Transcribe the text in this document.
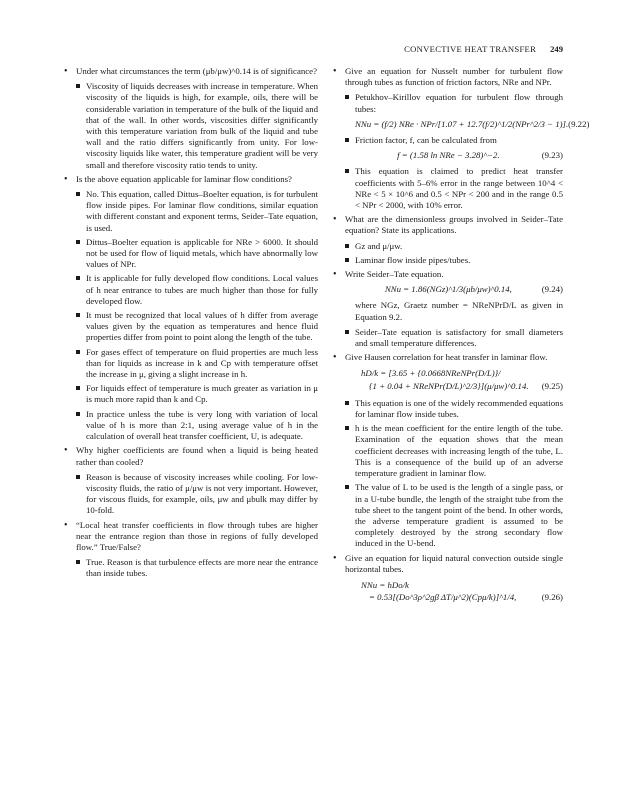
CONVECTIVE HEAT TRANSFER 249
• Under what circumstances the term (μb/μw)^0.14 is of significance?
Viscosity of liquids decreases with increase in temperature. When viscosity of the liquids is high, for example, oils, there will be considerable variation in temperature of the bulk of the liquid and that of the wall. In other words, viscosities differ significantly with this temperature variation from bulk of the liquid and tube wall and the ratio differs significantly from unity. For low-viscosity liquids like water, this temperature gradient will be very small and therefore viscosity ratio tends to unity.
• Is the above equation applicable for laminar flow conditions?
No. This equation, called Dittus–Boelter equation, is for turbulent flow inside pipes. For laminar flow conditions, similar equation with different constant and exponent terms, Seider–Tate equation, is used.
Dittus–Boelter equation is applicable for NRe > 6000. It should not be used for flow of liquid metals, which have abnormally low values of NPr.
It is applicable for fully developed flow conditions. Local values of h near entrance to tubes are much higher than those for fully developed flow.
It must be recognized that local values of h differ from average values given by the equation as temperatures and hence fluid properties differ from point to point along the length of the tube.
For gases effect of temperature on fluid properties are much less than for liquids as increase in k and Cp with temperature offset the increase in μ, giving a slight increase in h.
For liquids effect of temperature is much greater as variation in μ is much more rapid than k and Cp.
In practice unless the tube is very long with variation of local value of h is more than 2:1, using average value of h in the calculation of overall heat transfer coefficient, U, is adequate.
• Why higher coefficients are found when a liquid is being heated rather than cooled?
Reason is because of viscosity increases while cooling. For low-viscosity fluids, the ratio of μ/μw is not very important. However, for viscous fluids, for example, oils, μw and μbulk may differ by 10-fold.
• “Local heat transfer coefficients in flow through tubes are higher near the entrance region than those in regions of fully developed flow.” True/False?
True. Reason is that turbulence effects are more near the entrance than inside tubes.
• Give an equation for Nusselt number for turbulent flow through tubes as function of friction factors, NRe and NPr.
Petukhov–Kirillov equation for turbulent flow through tubes:
NNu = (f/2) NRe · NPr/[1.07 + 12.7(f/2)^1/2(NPr^2/3 − 1)]. (9.22)
Friction factor, f, can be calculated from
f = (1.58 ln NRe − 3.28)^−2.	(9.23)
This equation is claimed to predict heat transfer coefficients with 5–6% error in the range between 10^4 < NRe < 5 × 10^6 and 0.5 < NPr < 200 and in the range 0.5 < NPr < 2000, with 10% error.
• What are the dimensionless groups involved in Seider–Tate equation? State its applications.
Gz and μ/μw.
Laminar flow inside pipes/tubes.
• Write Seider–Tate equation.
NNu = 1.86(NGz)^1/3(μb/μw)^0.14,	(9.24)
where NGz, Graetz number = NReNPrD/L as given in Equation 9.2.
Seider–Tate equation is satisfactory for small diameters and small temperature differences.
• Give Hausen correlation for heat transfer in laminar flow.
hD/k = [3.65 + {0.0668NReNPr(D/L)}/
{1 + 0.04 + NReNPr(D/L)^2/3}](μ/μw)^0.14. (9.25)
This equation is one of the widely recommended equations for laminar flow inside tubes.
h is the mean coefficient for the entire length of the tube. Examination of the equation shows that the mean coefficient decreases with increasing length of the tube, L. This is a consequence of the build up of an adverse temperature gradient in laminar flow.
The value of L to be used is the length of a single pass, or in a U-tube bundle, the length of the straight tube from the tube sheet to the tangent point of the bend. In other words, the adverse temperature gradient is assumed to be completely destroyed by the strong secondary flow induced in the U-bend.
• Give an equation for liquid natural convection outside single horizontal tubes.
NNu = hDo/k
= 0.53[(Do^3ρ^2gβ ΔT/μ^2)(Cpμ/k)]^1/4,	(9.26)
